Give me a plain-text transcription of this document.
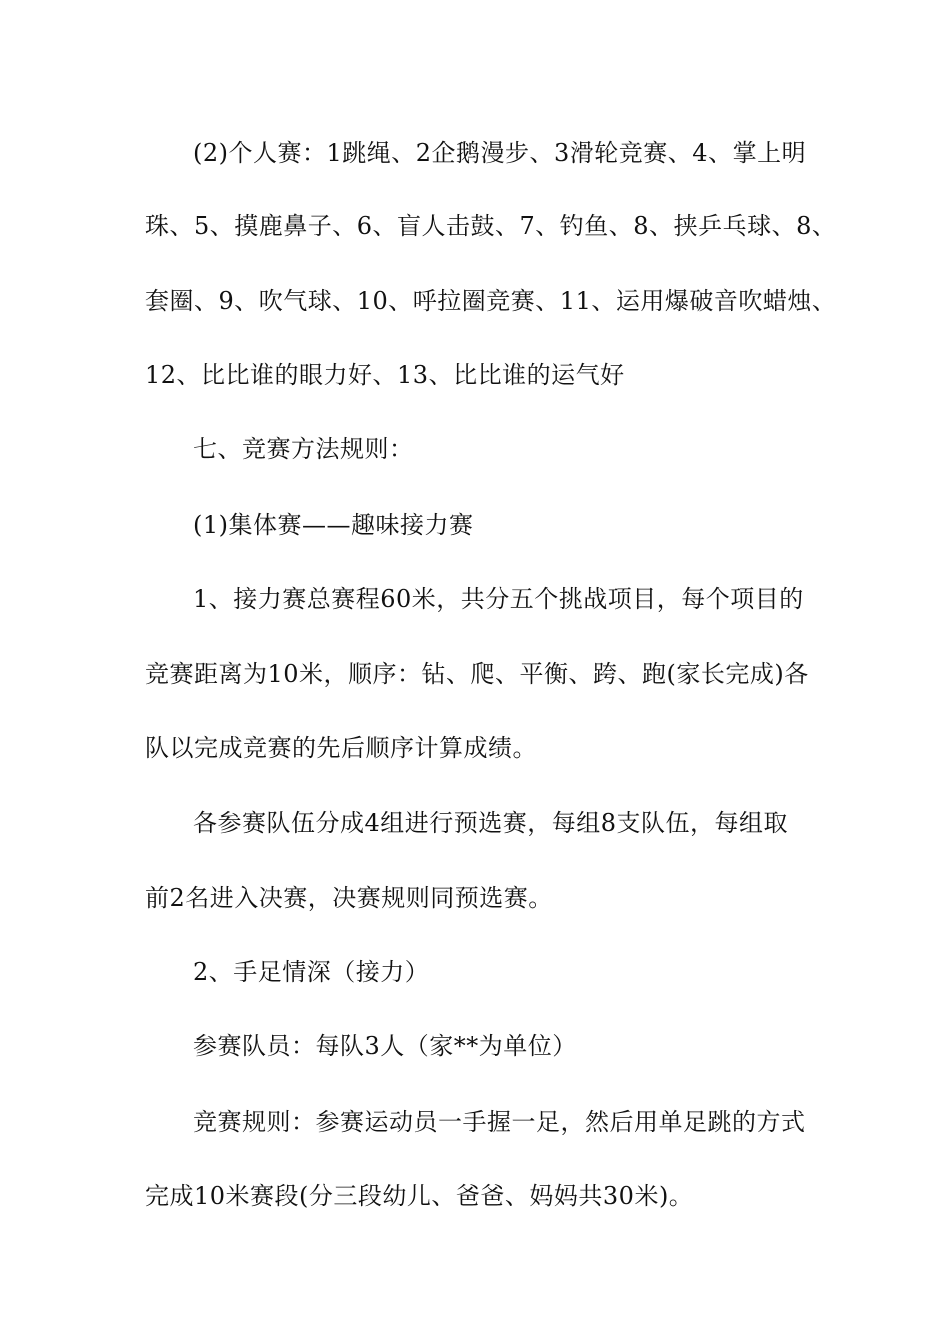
(2)个人赛：1跳绳、2企鹅漫步、3滑轮竞赛、4、掌上明
珠、5、摸鹿鼻子、6、盲人击鼓、7、钓鱼、8、挟乒乓球、8、
套圈、9、吹气球、10、呼拉圈竞赛、11、运用爆破音吹蜡烛、
12、比比谁的眼力好、13、比比谁的运气好
七、竞赛方法规则：
(1)集体赛——趣味接力赛
1、接力赛总赛程60米，共分五个挑战项目，每个项目的
竞赛距离为10米，顺序：钻、爬、平衡、跨、跑(家长完成)各
队以完成竞赛的先后顺序计算成绩。
各参赛队伍分成4组进行预选赛，每组8支队伍，每组取
前2名进入决赛，决赛规则同预选赛。
2、手足情深（接力）
参赛队员：每队3人（家**为单位）
竞赛规则：参赛运动员一手握一足，然后用单足跳的方式
完成10米赛段(分三段幼儿、爸爸、妈妈共30米)。
